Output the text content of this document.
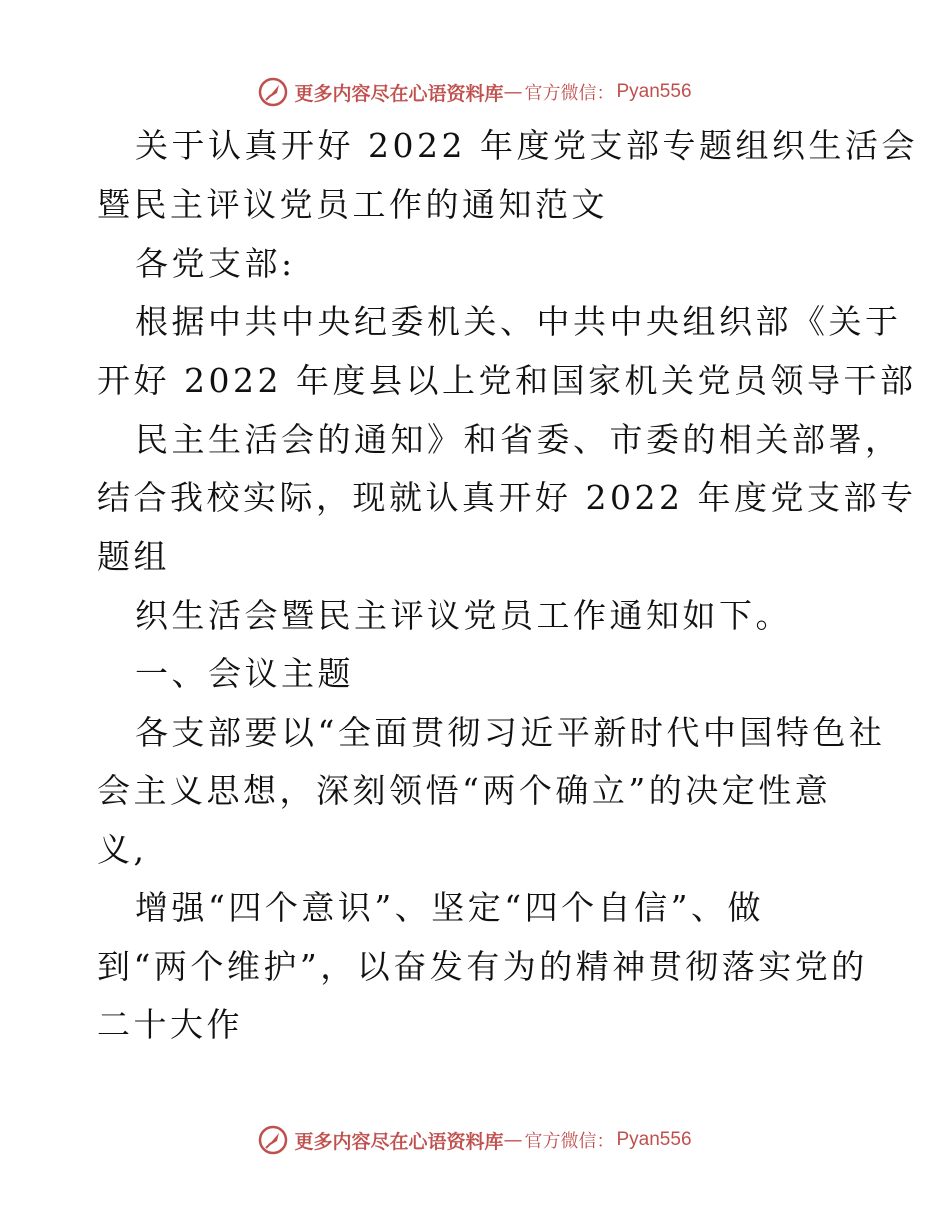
更多内容尽在心语资料库 — 官方微信： Pyan556
关于认真开好 2022 年度党支部专题组织生活会
暨民主评议党员工作的通知范文
各党支部:
根据中共中央纪委机关、中共中央组织部《关于
开好 2022 年度县以上党和国家机关党员领导干部
民主生活会的通知》和省委、市委的相关部署，
结合我校实际，现就认真开好 2022 年度党支部专
题组
织生活会暨民主评议党员工作通知如下。
一、会议主题
各支部要以“全面贯彻习近平新时代中国特色社
会主义思想，深刻领悟“两个确立”的决定性意
义,
增强“四个意识”、坚定“四个自信”、做
到“两个维护”，以奋发有为的精神贯彻落实党的
二十大作
更多内容尽在心语资料库 — 官方微信： Pyan556
